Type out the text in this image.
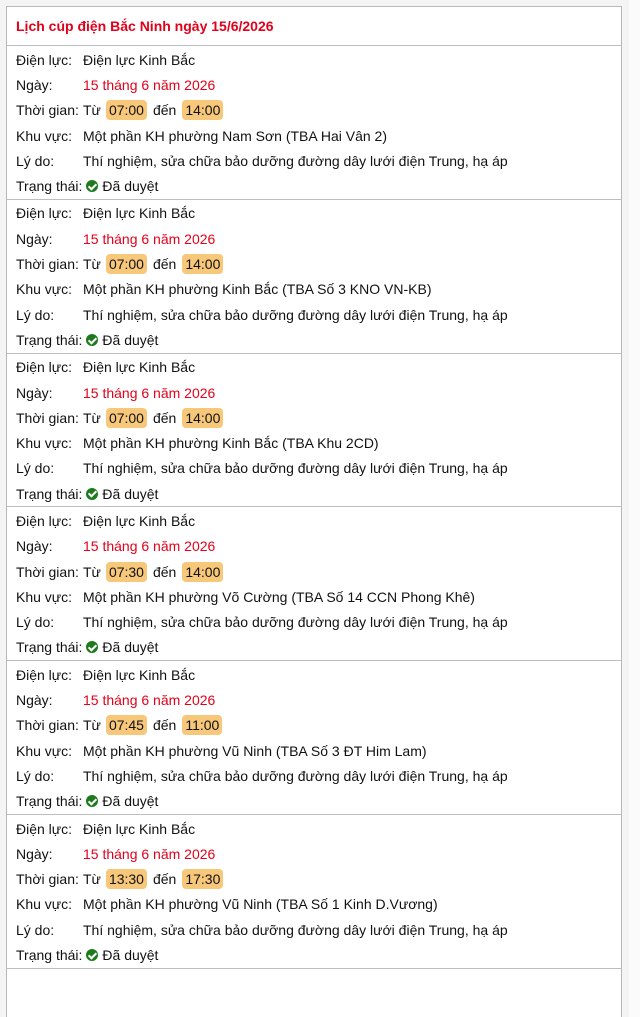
Lịch cúp điện Bắc Ninh ngày 15/6/2026
Điện lực: Điện lực Kinh Bắc
Ngày:	15 tháng 6 năm 2026
Thời gian: Từ 07:00 đến 14:00
Khu vực: Một phần KH phường Nam Sơn (TBA Hai Vân 2)
Lý do:	Thí nghiệm, sửa chữa bảo dưỡng đường dây lưới điện Trung, hạ áp
Trạng thái: Đã duyệt
Điện lực: Điện lực Kinh Bắc
Ngày:	15 tháng 6 năm 2026
Thời gian: Từ 07:00 đến 14:00
Khu vực: Một phần KH phường Kinh Bắc (TBA Số 3 KNO VN-KB)
Lý do:	Thí nghiệm, sửa chữa bảo dưỡng đường dây lưới điện Trung, hạ áp
Trạng thái: Đã duyệt
Điện lực: Điện lực Kinh Bắc
Ngày:	15 tháng 6 năm 2026
Thời gian: Từ 07:00 đến 14:00
Khu vực: Một phần KH phường Kinh Bắc (TBA Khu 2CD)
Lý do:	Thí nghiệm, sửa chữa bảo dưỡng đường dây lưới điện Trung, hạ áp
Trạng thái: Đã duyệt
Điện lực: Điện lực Kinh Bắc
Ngày:	15 tháng 6 năm 2026
Thời gian: Từ 07:30 đến 14:00
Khu vực: Một phần KH phường Võ Cường (TBA Số 14 CCN Phong Khê)
Lý do:	Thí nghiệm, sửa chữa bảo dưỡng đường dây lưới điện Trung, hạ áp
Trạng thái: Đã duyệt
Điện lực: Điện lực Kinh Bắc
Ngày:	15 tháng 6 năm 2026
Thời gian: Từ 07:45 đến 11:00
Khu vực: Một phần KH phường Vũ Ninh (TBA Số 3 ĐT Him Lam)
Lý do:	Thí nghiệm, sửa chữa bảo dưỡng đường dây lưới điện Trung, hạ áp
Trạng thái: Đã duyệt
Điện lực: Điện lực Kinh Bắc
Ngày:	15 tháng 6 năm 2026
Thời gian: Từ 13:30 đến 17:30
Khu vực: Một phần KH phường Vũ Ninh (TBA Số 1 Kinh D.Vương)
Lý do:	Thí nghiệm, sửa chữa bảo dưỡng đường dây lưới điện Trung, hạ áp
Trạng thái: Đã duyệt
